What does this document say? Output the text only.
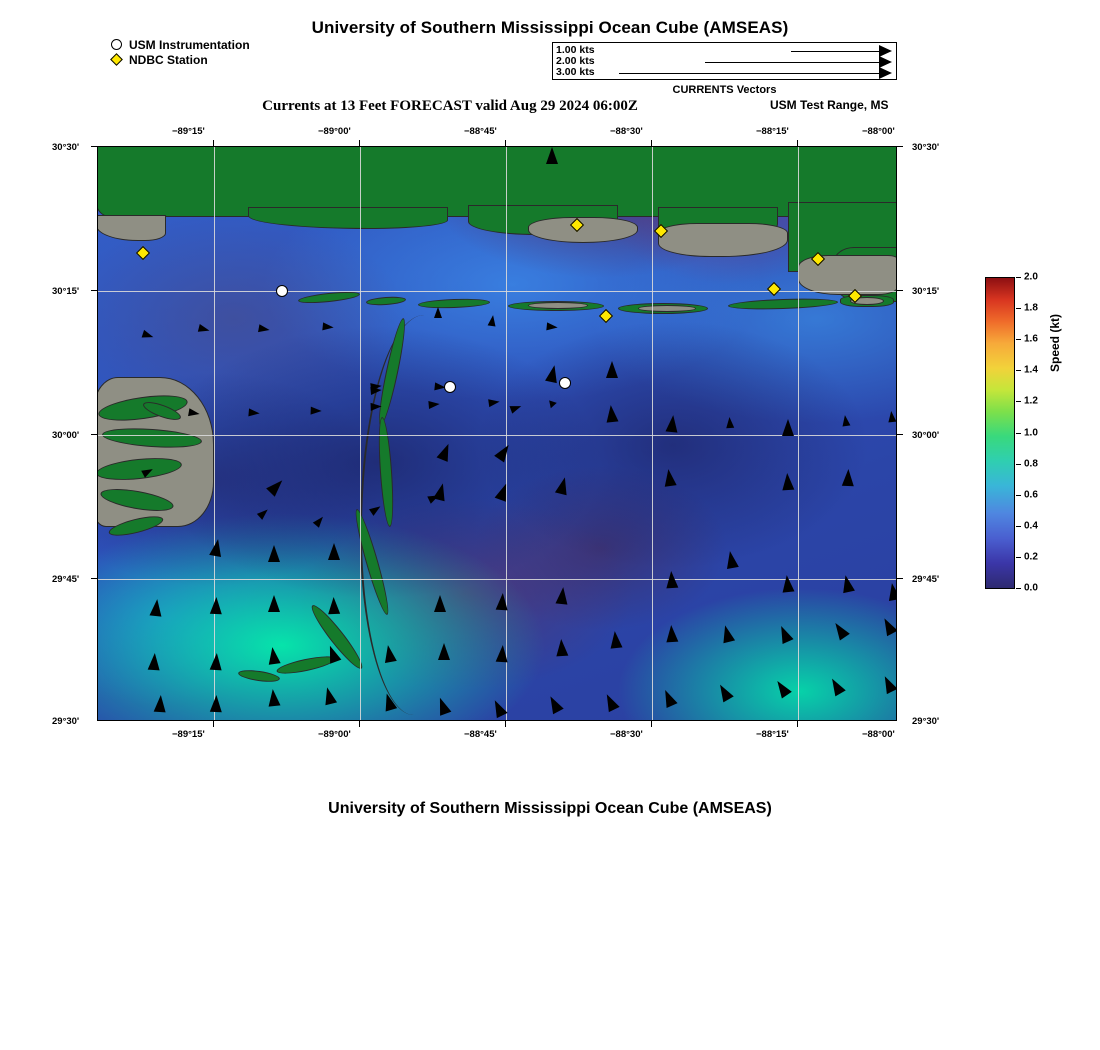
University of Southern Mississippi Ocean Cube (AMSEAS)
USM Instrumentation
NDBC Station
1.00 kts
2.00 kts
3.00 kts
CURRENTS Vectors
Currents at 13 Feet FORECAST valid Aug 29 2024 06:00Z	USM Test Range, MS
−89°15'	−89°00'	−88°45'	−88°30'	−88°15'	−88°00'
−89°15'	−89°00'	−88°45'	−88°30'	−88°15'	−88°00'
30°30'
30°15'
30°00'
29°45'
29°30'
30°30'
30°15'
30°00'
29°45'
29°30'
2.0
1.8
1.6
1.4
1.2
1.0
0.8
0.6
0.4
0.2
0.0
Speed (kt)
University of Southern Mississippi Ocean Cube (AMSEAS)
